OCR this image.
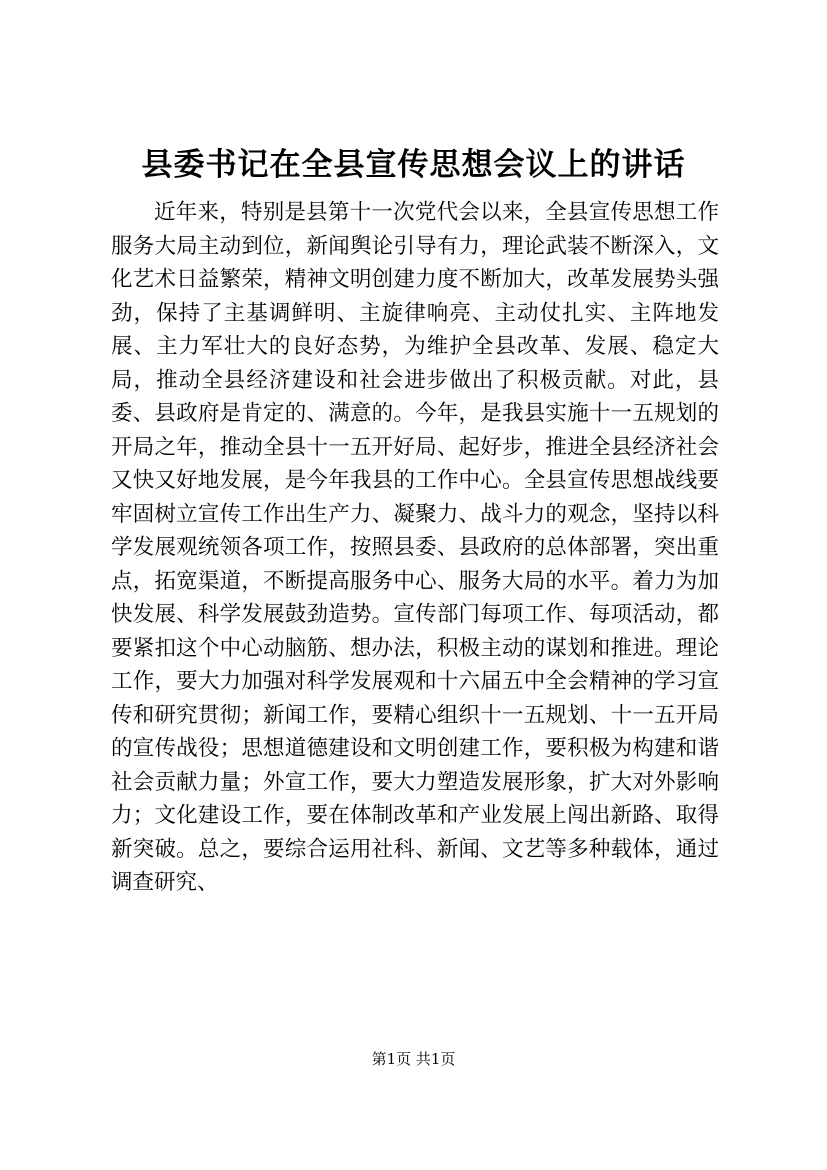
县委书记在全县宣传思想会议上的讲话

近年来，特别是县第十一次党代会以来，全县宣传思想工作服务大局主动到位，新闻舆论引导有力，理论武装不断深入，文化艺术日益繁荣，精神文明创建力度不断加大，改革发展势头强劲，保持了主基调鲜明、主旋律响亮、主动仗扎实、主阵地发展、主力军壮大的良好态势，为维护全县改革、发展、稳定大局，推动全县经济建设和社会进步做出了积极贡献。对此，县委、县政府是肯定的、满意的。今年，是我县实施十一五规划的开局之年，推动全县十一五开好局、起好步，推进全县经济社会又快又好地发展，是今年我县的工作中心。全县宣传思想战线要牢固树立宣传工作出生产力、凝聚力、战斗力的观念，坚持以科学发展观统领各项工作，按照县委、县政府的总体部署，突出重点，拓宽渠道，不断提高服务中心、服务大局的水平。着力为加快发展、科学发展鼓劲造势。宣传部门每项工作、每项活动，都要紧扣这个中心动脑筋、想办法，积极主动的谋划和推进。理论工作，要大力加强对科学发展观和十六届五中全会精神的学习宣传和研究贯彻；新闻工作，要精心组织十一五规划、十一五开局的宣传战役；思想道德建设和文明创建工作，要积极为构建和谐社会贡献力量；外宣工作，要大力塑造发展形象，扩大对外影响力；文化建设工作，要在体制改革和产业发展上闯出新路、取得新突破。总之，要综合运用社科、新闻、文艺等多种载体，通过调查研究、

第1页 共1页
